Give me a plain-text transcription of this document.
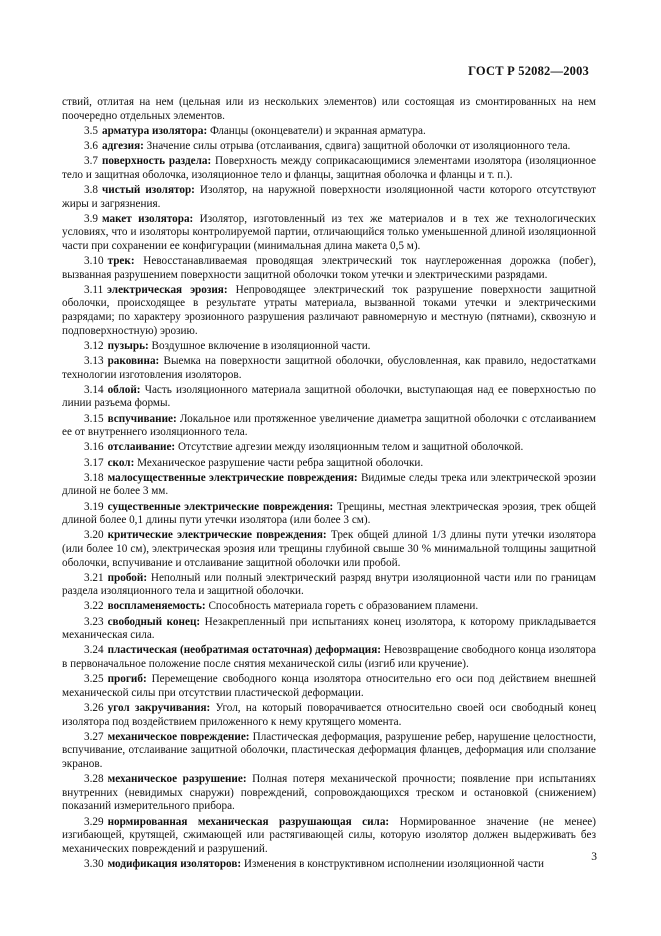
ГОСТ Р 52082—2003

ствий, отлитая на нем (цельная или из нескольких элементов) или состоящая из смонтированных на нем поочередно отдельных элементов.

3.5 арматура изолятора: Фланцы (оконцеватели) и экранная арматура.

3.6 адгезия: Значение силы отрыва (отслаивания, сдвига) защитной оболочки от изоляционного тела.

3.7 поверхность раздела: Поверхность между соприкасающимися элементами изолятора (изоляционное тело и защитная оболочка, изоляционное тело и фланцы, защитная оболочка и фланцы и т. п.).

3.8 чистый изолятор: Изолятор, на наружной поверхности изоляционной части которого отсутствуют жиры и загрязнения.

3.9 макет изолятора: Изолятор, изготовленный из тех же материалов и в тех же технологических условиях, что и изоляторы контролируемой партии, отличающийся только уменьшенной длиной изоляционной части при сохранении ее конфигурации (минимальная длина макета 0,5 м).

3.10 трек: Невосстанавливаемая проводящая электрический ток науглероженная дорожка (побег), вызванная разрушением поверхности защитной оболочки током утечки и электрическими разрядами.

3.11 электрическая эрозия: Непроводящее электрический ток разрушение поверхности защитной оболочки, происходящее в результате утраты материала, вызванной токами утечки и электрическими разрядами; по характеру эрозионного разрушения различают равномерную и местную (пятнами), сквозную и подповерхностную) эрозию.

3.12 пузырь: Воздушное включение в изоляционной части.

3.13 раковина: Выемка на поверхности защитной оболочки, обусловленная, как правило, недостатками технологии изготовления изоляторов.

3.14 облой: Часть изоляционного материала защитной оболочки, выступающая над ее поверхностью по линии разъема формы.

3.15 вспучивание: Локальное или протяженное увеличение диаметра защитной оболочки с отслаиванием ее от внутреннего изоляционного тела.

3.16 отслаивание: Отсутствие адгезии между изоляционным телом и защитной оболочкой.

3.17 скол: Механическое разрушение части ребра защитной оболочки.

3.18 малосущественные электрические повреждения: Видимые следы трека или электрической эрозии длиной не более 3 мм.

3.19 существенные электрические повреждения: Трещины, местная электрическая эрозия, трек общей длиной более 0,1 длины пути утечки изолятора (или более 3 см).

3.20 критические электрические повреждения: Трек общей длиной 1/3 длины пути утечки изолятора (или более 10 см), электрическая эрозия или трещины глубиной свыше 30 % минимальной толщины защитной оболочки, вспучивание и отслаивание защитной оболочки или пробой.

3.21 пробой: Неполный или полный электрический разряд внутри изоляционной части или по границам раздела изоляционного тела и защитной оболочки.

3.22 воспламеняемость: Способность материала гореть с образованием пламени.

3.23 свободный конец: Незакрепленный при испытаниях конец изолятора, к которому прикладывается механическая сила.

3.24 пластическая (необратимая остаточная) деформация: Невозвращение свободного конца изолятора в первоначальное положение после снятия механической силы (изгиб или кручение).

3.25 прогиб: Перемещение свободного конца изолятора относительно его оси под действием внешней механической силы при отсутствии пластической деформации.

3.26 угол закручивания: Угол, на который поворачивается относительно своей оси свободный конец изолятора под воздействием приложенного к нему крутящего момента.

3.27 механическое повреждение: Пластическая деформация, разрушение ребер, нарушение целостности, вспучивание, отслаивание защитной оболочки, пластическая деформация фланцев, деформация или сползание экранов.

3.28 механическое разрушение: Полная потеря механической прочности; появление при испытаниях внутренних (невидимых снаружи) повреждений, сопровождающихся треском и остановкой (снижением) показаний измерительного прибора.

3.29 нормированная механическая разрушающая сила: Нормированное значение (не менее) изгибающей, крутящей, сжимающей или растягивающей силы, которую изолятор должен выдерживать без механических повреждений и разрушений.

3.30 модификация изоляторов: Изменения в конструктивном исполнении изоляционной части

3
